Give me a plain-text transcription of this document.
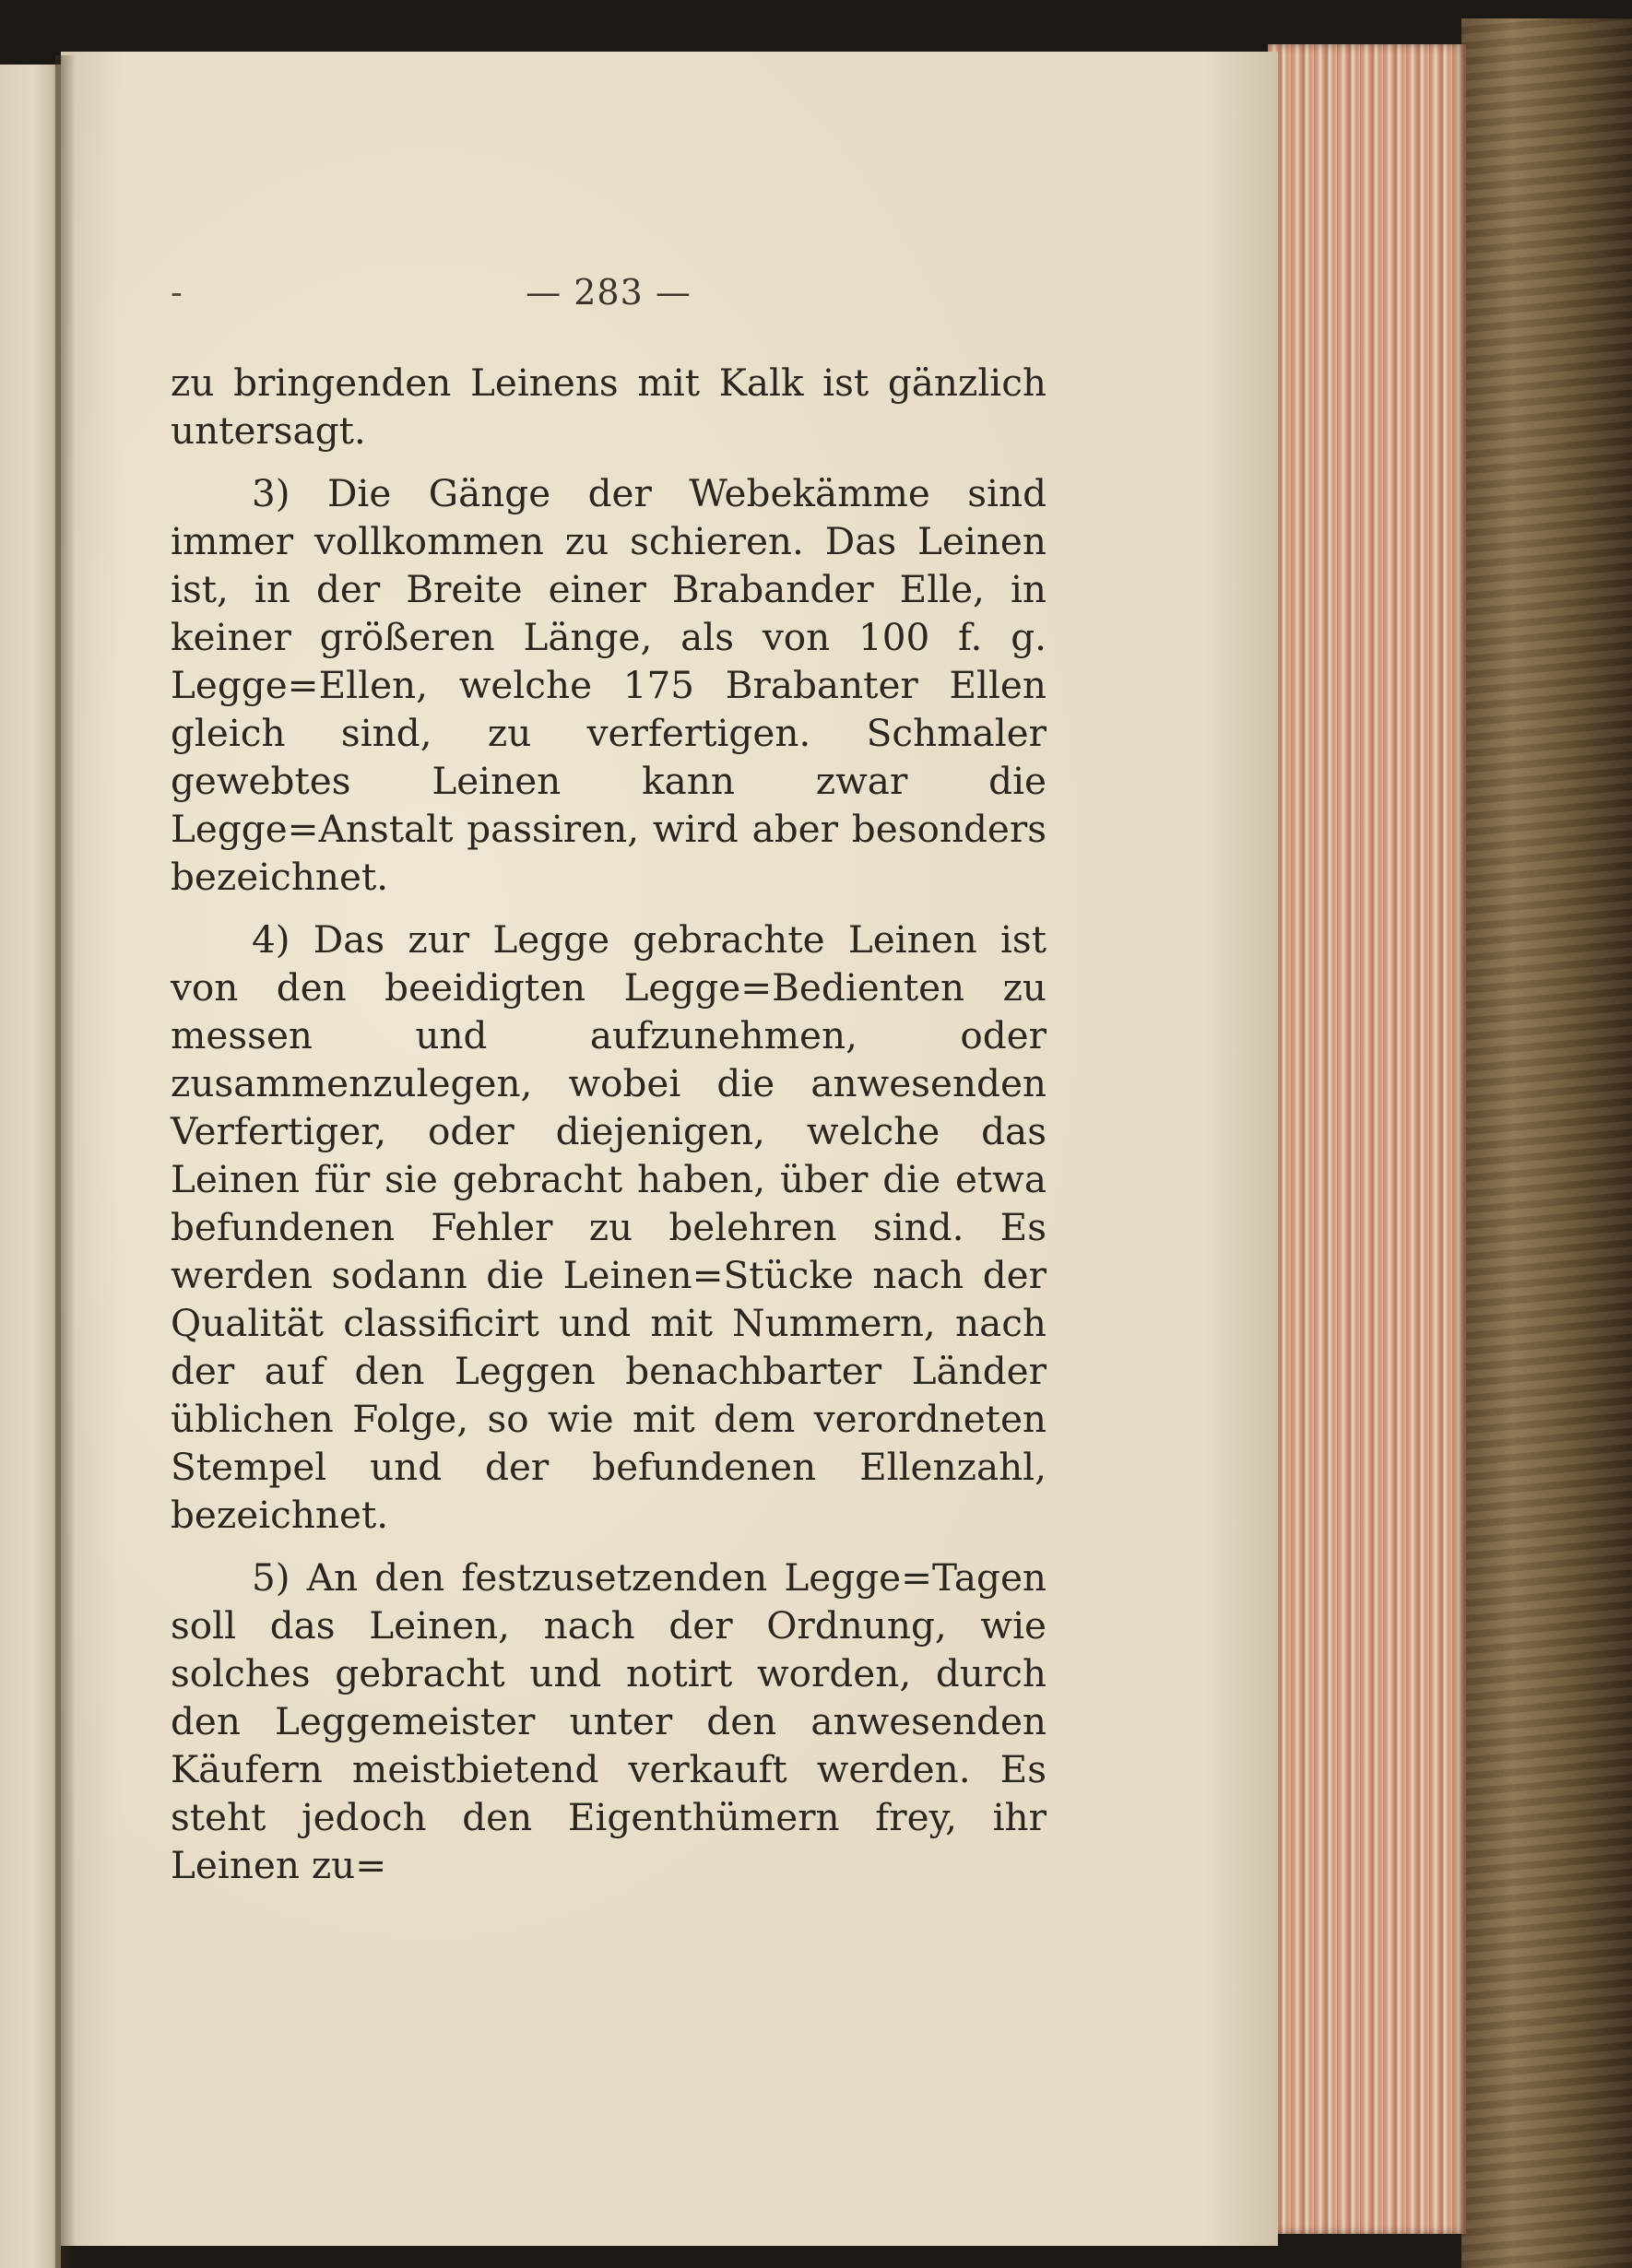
-	— 283 —

zu bringenden Leinens mit Kalk ist gänzlich untersagt.

3) Die Gänge der Webekämme sind immer vollkommen zu schieren. Das Leinen ist, in der Breite einer Brabander Elle, in keiner größeren Länge, als von 100 f. g. Legge=Ellen, welche 175 Brabanter Ellen gleich sind, zu verfertigen. Schmaler gewebtes Leinen kann zwar die Legge=Anstalt passiren, wird aber besonders bezeichnet.

4) Das zur Legge gebrachte Leinen ist von den beeidigten Legge=Bedienten zu messen und aufzunehmen, oder zusammenzulegen, wobei die anwesenden Verfertiger, oder diejenigen, welche das Leinen für sie gebracht haben, über die etwa befundenen Fehler zu belehren sind. Es werden sodann die Leinen=Stücke nach der Qualität classificirt und mit Nummern, nach der auf den Leggen benachbarter Länder üblichen Folge, so wie mit dem verordneten Stempel und der befundenen Ellenzahl, bezeichnet.

5) An den festzusetzenden Legge=Tagen soll das Leinen, nach der Ordnung, wie solches gebracht und notirt worden, durch den Leggemeister unter den anwesenden Käufern meistbietend verkauft werden. Es steht jedoch den Eigenthümern frey, ihr Leinen zu=
